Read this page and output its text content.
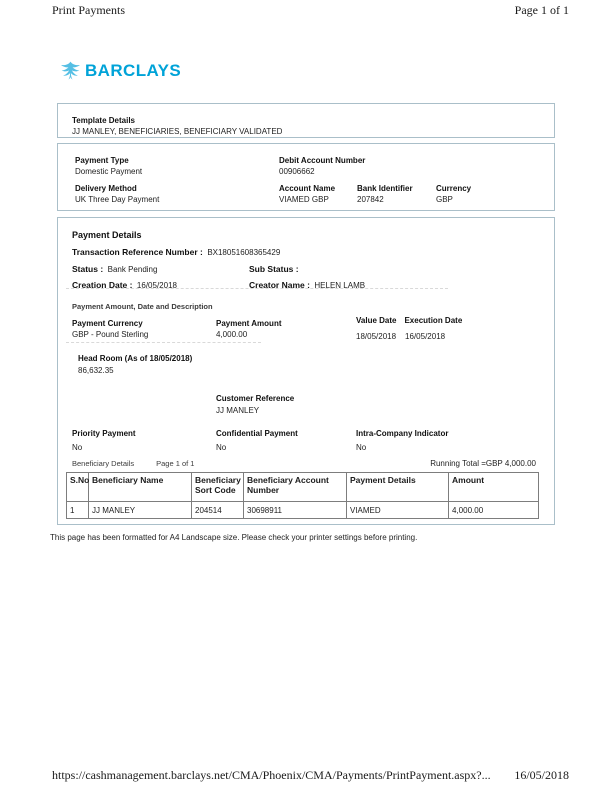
Print Payments	Page 1 of 1
BARCLAYS
Template Details
JJ MANLEY, BENEFICIARIES, BENEFICIARY VALIDATED
Payment Type
Domestic Payment
Delivery Method
UK Three Day Payment
Debit Account Number
00906662
Account Name
VIAMED GBP
Bank Identifier
207842
Currency
GBP
Payment Details
Transaction Reference Number : BX18051608365429
Status : Bank Pending	Sub Status :
Creation Date : 16/05/2018	Creator Name : HELEN LAMB
Payment Amount, Date and Description
Payment Currency
GBP - Pound Sterling
Payment Amount
4,000.00
Value Date Execution Date
18/05/2018 16/05/2018
Head Room (As of 18/05/2018)
86,632.35
Customer Reference
JJ MANLEY
Priority Payment
No
Confidential Payment
No
Intra-Company Indicator
No
Beneficiary Details	Page 1 of 1	Running Total =GBP 4,000.00
S.No	Beneficiary Name	Beneficiary Sort Code	Beneficiary Account Number	Payment Details	Amount
1	JJ MANLEY	204514	30698911	VIAMED	4,000.00
This page has been formatted for A4 Landscape size. Please check your printer settings before printing.
https://cashmanagement.barclays.net/CMA/Phoenix/CMA/Payments/PrintPayment.aspx?... 16/05/2018
